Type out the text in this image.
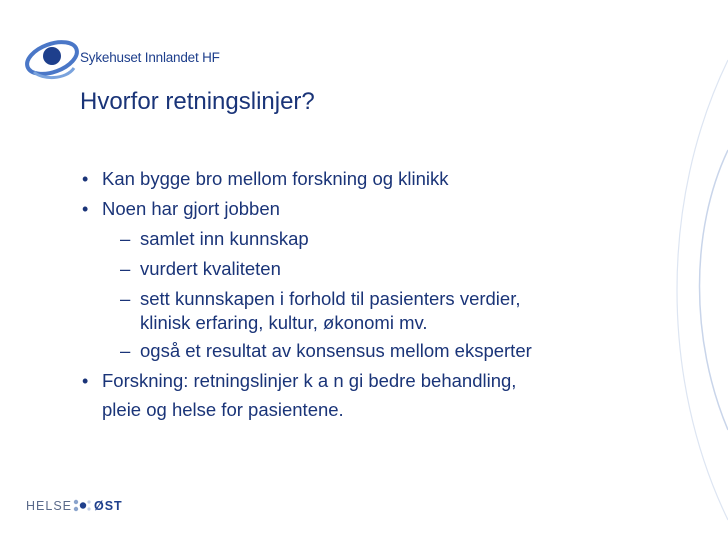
Sykehuset Innlandet HF
Hvorfor retningslinjer?
• Kan bygge bro mellom forskning og klinikk
• Noen har gjort jobben
– samlet inn kunnskap
– vurdert kvaliteten
– sett kunnskapen i forhold til pasienters verdier,
klinisk erfaring, kultur, økonomi mv.
– også et resultat av konsensus mellom eksperter
• Forskning: retningslinjer k a n gi bedre behandling,
pleie og helse for pasientene.
HELSE ØST
